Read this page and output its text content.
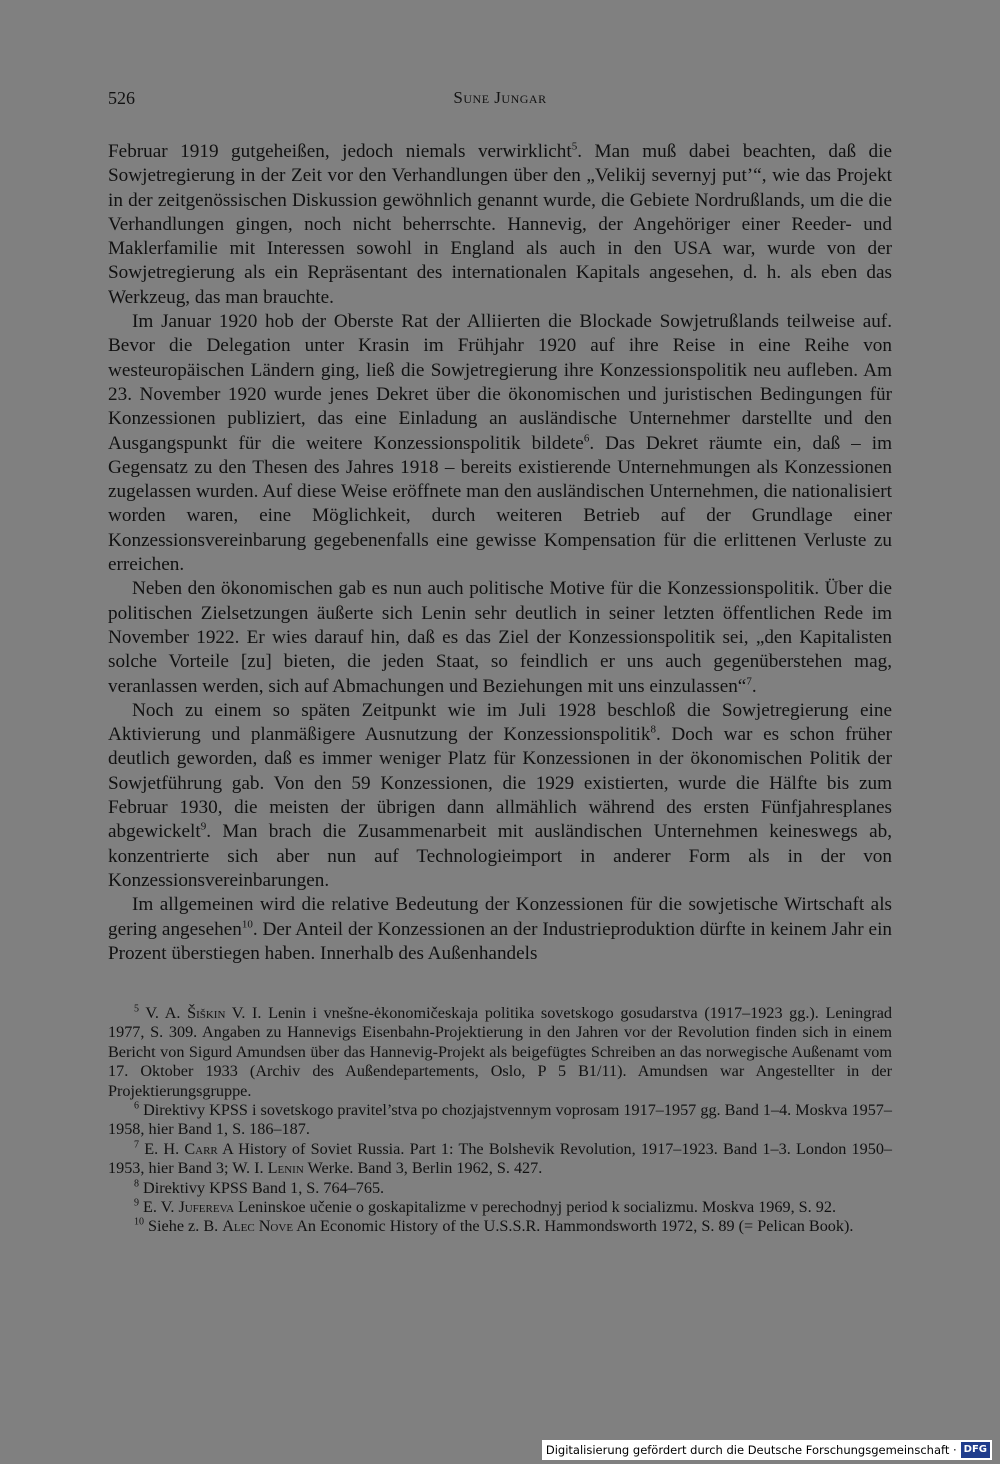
526	Sune Jungar

Februar 1919 gutgeheißen, jedoch niemals verwirklicht$^5$. Man muß dabei beachten, daß die Sowjetregierung in der Zeit vor den Verhandlungen über den „Velikij severnyj put’“, wie das Projekt in der zeitgenössischen Diskussion gewöhnlich genannt wurde, die Gebiete Nordrußlands, um die die Verhandlungen gingen, noch nicht beherrschte. Hannevig, der Angehöriger einer Reeder- und Maklerfamilie mit Interessen sowohl in England als auch in den USA war, wurde von der Sowjetregierung als ein Repräsentant des internationalen Kapitals angesehen, d. h. als eben das Werkzeug, das man brauchte.

Im Januar 1920 hob der Oberste Rat der Alliierten die Blockade Sowjetrußlands teilweise auf. Bevor die Delegation unter Krasin im Frühjahr 1920 auf ihre Reise in eine Reihe von westeuropäischen Ländern ging, ließ die Sowjetregierung ihre Konzessionspolitik neu aufleben. Am 23. November 1920 wurde jenes Dekret über die ökonomischen und juristischen Bedingungen für Konzessionen publiziert, das eine Einladung an ausländische Unternehmer darstellte und den Ausgangspunkt für die weitere Konzessionspolitik bildete$^6$. Das Dekret räumte ein, daß – im Gegensatz zu den Thesen des Jahres 1918 – bereits existierende Unternehmungen als Konzessionen zugelassen wurden. Auf diese Weise eröffnete man den ausländischen Unternehmen, die nationalisiert worden waren, eine Möglichkeit, durch weiteren Betrieb auf der Grundlage einer Konzessionsvereinbarung gegebenenfalls eine gewisse Kompensation für die erlittenen Verluste zu erreichen.

Neben den ökonomischen gab es nun auch politische Motive für die Konzessionspolitik. Über die politischen Zielsetzungen äußerte sich Lenin sehr deutlich in seiner letzten öffentlichen Rede im November 1922. Er wies darauf hin, daß es das Ziel der Konzessionspolitik sei, „den Kapitalisten solche Vorteile [zu] bieten, die jeden Staat, so feindlich er uns auch gegenüberstehen mag, veranlassen werden, sich auf Abmachungen und Beziehungen mit uns einzulassen“$^7$.

Noch zu einem so späten Zeitpunkt wie im Juli 1928 beschloß die Sowjetregierung eine Aktivierung und planmäßigere Ausnutzung der Konzessionspolitik$^8$. Doch war es schon früher deutlich geworden, daß es immer weniger Platz für Konzessionen in der ökonomischen Politik der Sowjetführung gab. Von den 59 Konzessionen, die 1929 existierten, wurde die Hälfte bis zum Februar 1930, die meisten der übrigen dann allmählich während des ersten Fünfjahresplanes abgewickelt$^9$. Man brach die Zusammenarbeit mit ausländischen Unternehmen keineswegs ab, konzentrierte sich aber nun auf Technologieimport in anderer Form als in der von Konzessionsvereinbarungen.

Im allgemeinen wird die relative Bedeutung der Konzessionen für die sowjetische Wirtschaft als gering angesehen$^{10}$. Der Anteil der Konzessionen an der Industrieproduktion dürfte in keinem Jahr ein Prozent überstiegen haben. Innerhalb des Außenhandels

$^5$ V. A. Šiškin V. I. Lenin i vnešne-ėkonomičeskaja politika sovetskogo gosudarstva (1917–1923 gg.). Leningrad 1977, S. 309. Angaben zu Hannevigs Eisenbahn-Projektierung in den Jahren vor der Revolution finden sich in einem Bericht von Sigurd Amundsen über das Hannevig-Projekt als beigefügtes Schreiben an das norwegische Außenamt vom 17. Oktober 1933 (Archiv des Außendepartements, Oslo, P 5 B1/11). Amundsen war Angestellter in der Projektierungsgruppe.

$^6$ Direktivy KPSS i sovetskogo pravitel’stva po chozjajstvennym voprosam 1917–1957 gg. Band 1–4. Moskva 1957–1958, hier Band 1, S. 186–187.

$^7$ E. H. Carr A History of Soviet Russia. Part 1: The Bolshevik Revolution, 1917–1923. Band 1–3. London 1950–1953, hier Band 3; W. I. Lenin Werke. Band 3, Berlin 1962, S. 427.

$^8$ Direktivy KPSS Band 1, S. 764–765.

$^9$ E. V. Jufereva Leninskoe učenie o goskapitalizme v perechodnyj period k socializmu. Moskva 1969, S. 92.

$^{10}$ Siehe z. B. Alec Nove An Economic History of the U.S.S.R. Hammondsworth 1972, S. 89 (= Pelican Book).

Digitalisierung gefördert durch die Deutsche Forschungsgemeinschaft · DFG
